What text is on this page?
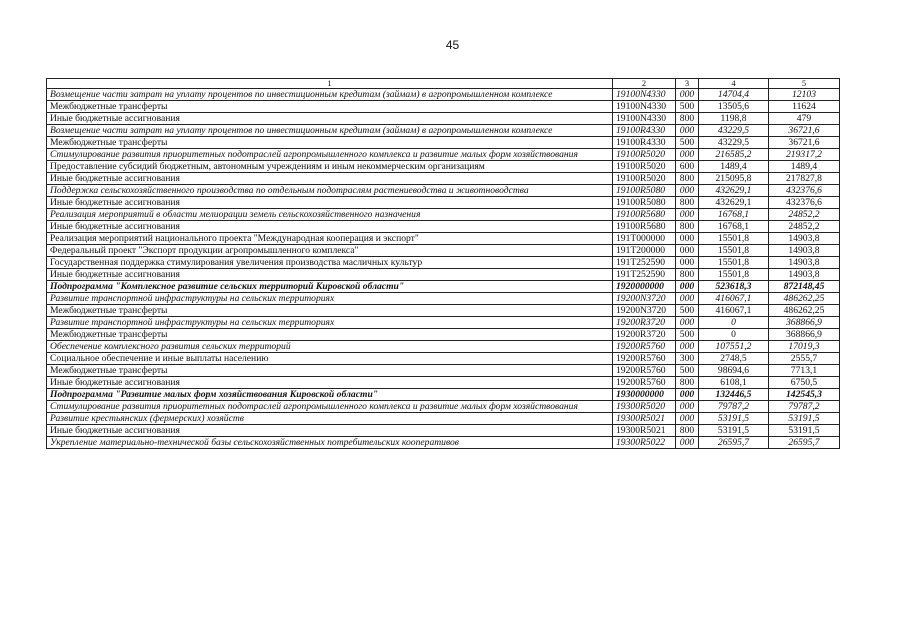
45
1	2	3	4	5
Возмещение части затрат на уплату процентов по инвестиционным кредитам (займам) в агропромышленном комплексе	19100N4330	000	14704,4	12103
Межбюджетные трансферты	19100N4330	500	13505,6	11624
Иные бюджетные ассигнования	19100N4330	800	1198,8	479
Возмещение части затрат на уплату процентов по инвестиционным кредитам (займам) в агропромышленном комплексе	19100R4330	000	43229,5	36721,6
Межбюджетные трансферты	19100R4330	500	43229,5	36721,6
Стимулирование развития приоритетных подотраслей агропромышленного комплекса и развитие малых форм хозяйствования	19100R5020	000	216585,2	219317,2
Предоставление субсидий бюджетным, автономным учреждениям и иным некоммерческим организациям	19100R5020	600	1489,4	1489,4
Иные бюджетные ассигнования	19100R5020	800	215095,8	217827,8
Поддержка сельскохозяйственного производства по отдельным подотраслям растениеводства и животноводства	19100R5080	000	432629,1	432376,6
Иные бюджетные ассигнования	19100R5080	800	432629,1	432376,6
Реализация мероприятий в области мелиорации земель сельскохозяйственного назначения	19100R5680	000	16768,1	24852,2
Иные бюджетные ассигнования	19100R5680	800	16768,1	24852,2
Реализация мероприятий национального проекта "Международная кооперация и экспорт"	191T000000	000	15501,8	14903,8
Федеральный проект "Экспорт продукции агропромышленного комплекса"	191T200000	000	15501,8	14903,8
Государственная поддержка стимулирования увеличения производства масличных культур	191T252590	000	15501,8	14903,8
Иные бюджетные ассигнования	191T252590	800	15501,8	14903,8
Подпрограмма "Комплексное развитие сельских территорий Кировской области"	1920000000	000	523618,3	872148,45
Развитие транспортной инфраструктуры на сельских территориях	19200N3720	000	416067,1	486262,25
Межбюджетные трансферты	19200N3720	500	416067,1	486262,25
Развитие транспортной инфраструктуры на сельских территориях	19200R3720	000	0	368866,9
Межбюджетные трансферты	19200R3720	500	0	368866,9
Обеспечение комплексного развития сельских территорий	19200R5760	000	107551,2	17019,3
Социальное обеспечение и иные выплаты населению	19200R5760	300	2748,5	2555,7
Межбюджетные трансферты	19200R5760	500	98694,6	7713,1
Иные бюджетные ассигнования	19200R5760	800	6108,1	6750,5
Подпрограмма "Развитие малых форм хозяйствования Кировской области"	1930000000	000	132446,5	142545,3
Стимулирование развития приоритетных подотраслей агропромышленного комплекса и развитие малых форм хозяйствования	19300R5020	000	79787,2	79787,2
Развитие крестьянских (фермерских) хозяйств	19300R5021	000	53191,5	53191,5
Иные бюджетные ассигнования	19300R5021	800	53191,5	53191,5
Укрепление материально-технической базы сельскохозяйственных потребительских кооперативов	19300R5022	000	26595,7	26595,7
